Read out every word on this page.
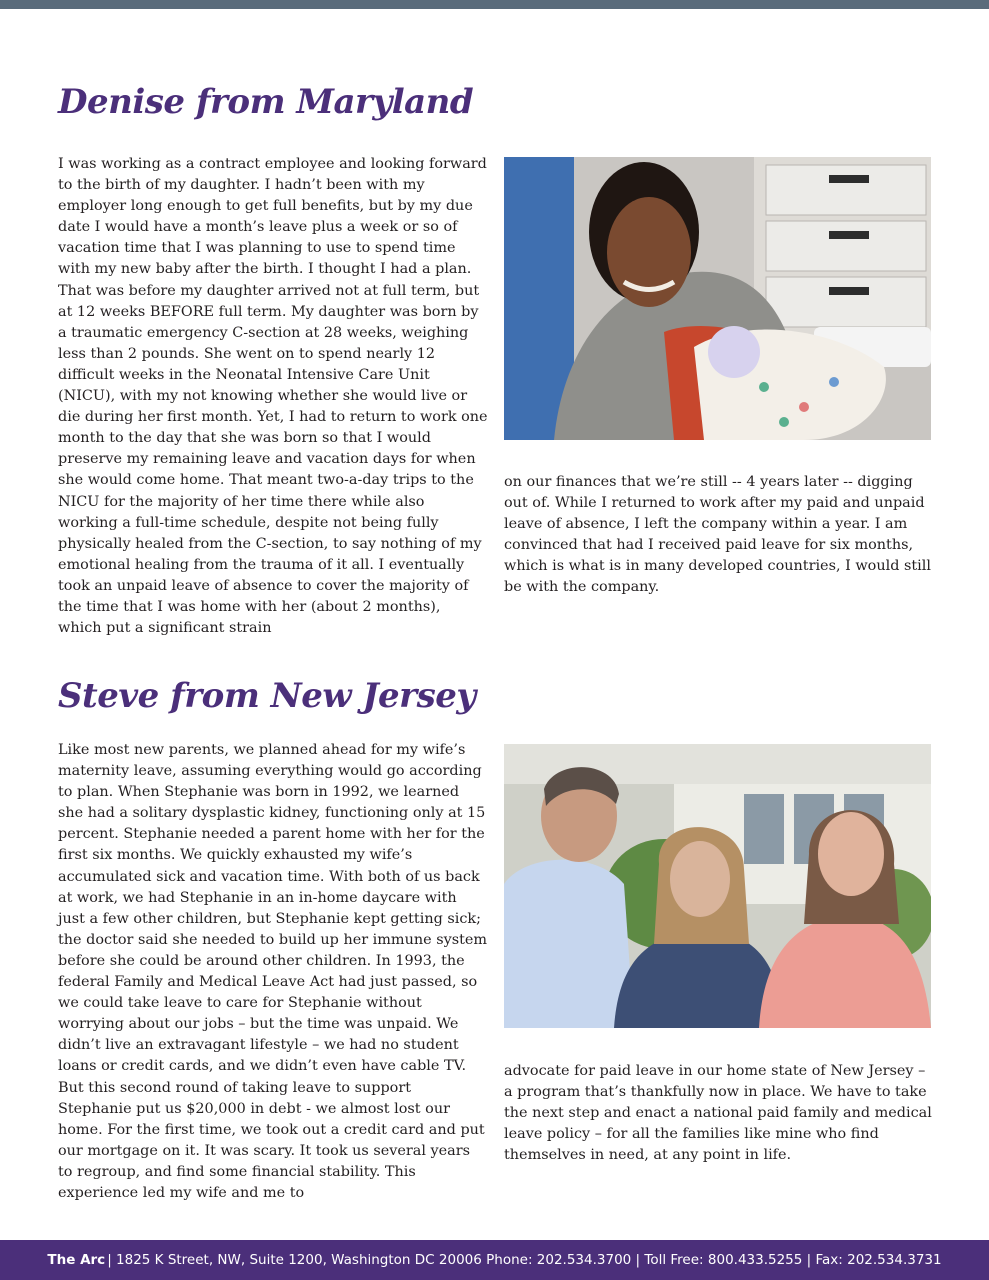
Denise from Maryland

I was working as a contract employee and looking forward to the birth of my daughter. I hadn’t been with my employer long enough to get full benefits, but by my due date I would have a month’s leave plus a week or so of vacation time that I was planning to use to spend time with my new baby after the birth. I thought I had a plan. That was before my daughter arrived not at full term, but at 12 weeks BEFORE full term. My daughter was born by a traumatic emergency C-section at 28 weeks, weighing less than 2 pounds. She went on to spend nearly 12 difficult weeks in the Neonatal Intensive Care Unit (NICU), with my not knowing whether she would live or die during her first month. Yet, I had to return to work one month to the day that she was born so that I would preserve my remaining leave and vacation days for when she would come home. That meant two-a-day trips to the NICU for the majority of her time there while also working a full-time schedule, despite not being fully physically healed from the C-section, to say nothing of my emotional healing from the trauma of it all. I eventually took an unpaid leave of absence to cover the majority of the time that I was home with her (about 2 months), which put a significant strain

on our finances that we’re still -- 4 years later -- digging out of. While I returned to work after my paid and unpaid leave of absence, I left the company within a year. I am convinced that had I received paid leave for six months, which is what is in many developed countries, I would still be with the company.

Steve from New Jersey

Like most new parents, we planned ahead for my wife’s maternity leave, assuming everything would go according to plan. When Stephanie was born in 1992, we learned she had a solitary dysplastic kidney, functioning only at 15 percent. Stephanie needed a parent home with her for the first six months. We quickly exhausted my wife’s accumulated sick and vacation time. With both of us back at work, we had Stephanie in an in-home daycare with just a few other children, but Stephanie kept getting sick; the doctor said she needed to build up her immune system before she could be around other children. In 1993, the federal Family and Medical Leave Act had just passed, so we could take leave to care for Stephanie without worrying about our jobs – but the time was unpaid. We didn’t live an extravagant lifestyle – we had no student loans or credit cards, and we didn’t even have cable TV. But this second round of taking leave to support Stephanie put us $20,000 in debt - we almost lost our home. For the first time, we took out a credit card and put our mortgage on it. It was scary. It took us several years to regroup, and find some financial stability. This experience led my wife and me to

advocate for paid leave in our home state of New Jersey – a program that’s thankfully now in place. We have to take the next step and enact a national paid family and medical leave policy – for all the families like mine who find themselves in need, at any point in life.

The Arc | 1825 K Street, NW, Suite 1200, Washington DC 20006 Phone: 202.534.3700 | Toll Free: 800.433.5255 | Fax: 202.534.3731
